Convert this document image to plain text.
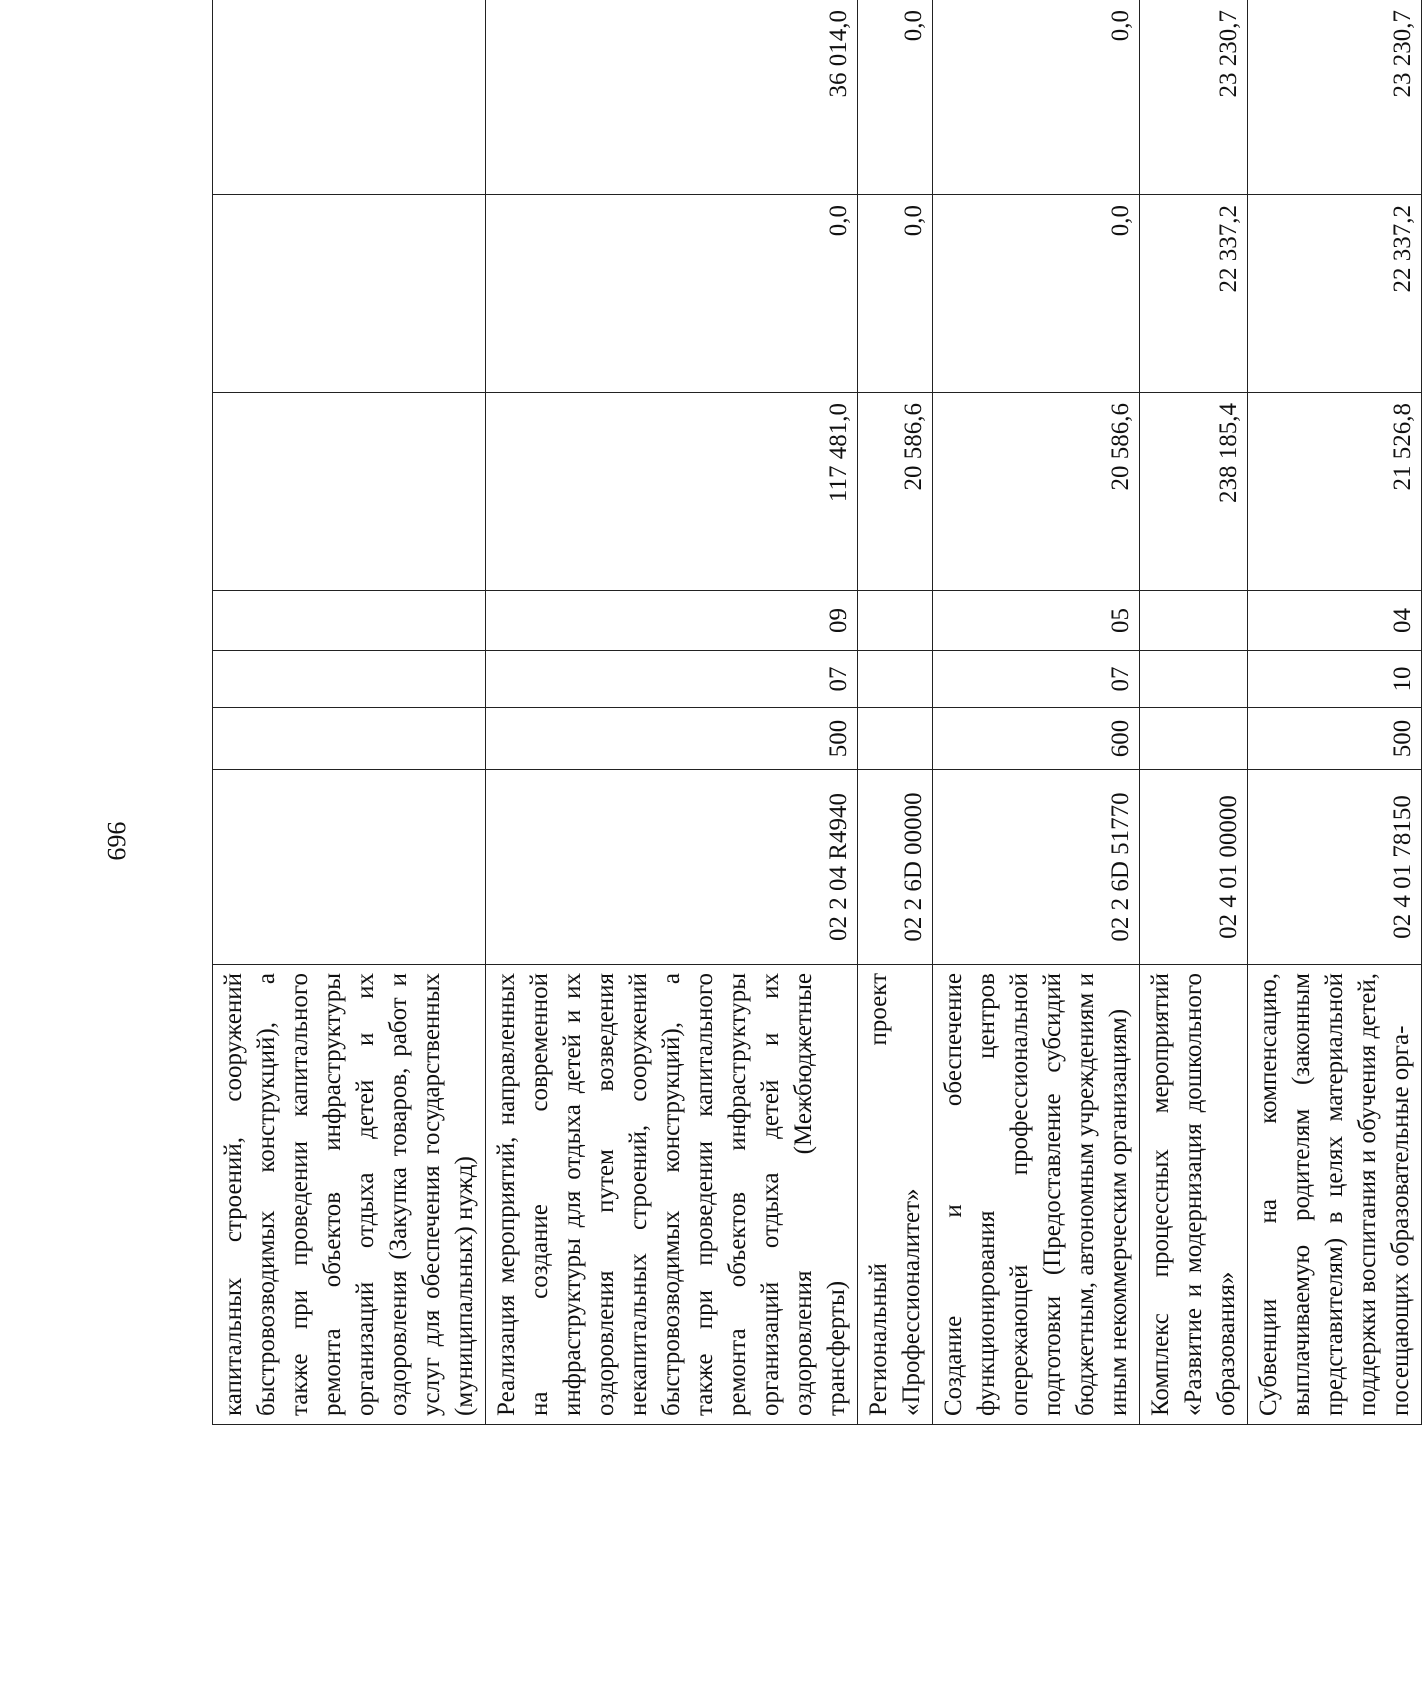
969
капитальных строений, сооружений быстровозводимых конструкций), а также при проведении капитального ремонта объектов инфраструктуры организаций отдыха детей и их оздоровления (Закупка товаров, работ и услуг для обеспечения государственных (муниципальных) нужд)							
Реализация мероприятий, направленных на создание современной инфраструктуры для отдыха детей и их оздоровления путем возведения некапитальных строений, сооружений быстровозводимых конструкций), а также при проведении капитального ремонта объектов инфраструктуры организаций отдыха детей и их оздоровления (Межбюджетные трансферты)	02 2 04 R4940	500	07	09	117 481,0	0,0	36 014,0
Региональный проект «Профессионалитет»	02 2 6D 00000				20 586,6	0,0	0,0
Создание и обеспечение функционирования центров опережающей профессиональной подготовки (Предоставление субсидий бюджетным, автономным учреждениям и иным некоммерческим организациям)	02 2 6D 51770	600	07	05	20 586,6	0,0	0,0
Комплекс процессных мероприятий «Развитие и модернизация дошкольного образования»	02 4 01 00000				238 185,4	22 337,2	23 230,7
Субвенции на компенсацию, выплачиваемую родителям (законным представителям) в целях материальной поддержки воспитания и обучения детей, посещающих образовательные орга-	02 4 01 78150	500	10	04	21 526,8	22 337,2	23 230,7
